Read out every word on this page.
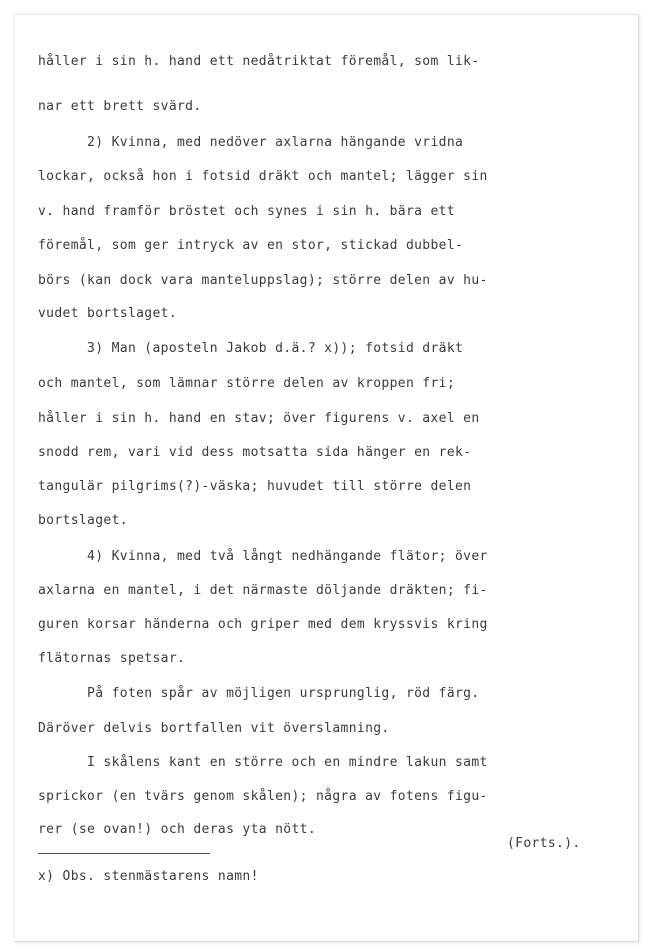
håller i sin h. hand ett nedåtriktat föremål, som lik-
nar ett brett svärd.
2) Kvinna, med nedöver axlarna hängande vridna
lockar, också hon i fotsid dräkt och mantel; lägger sin
v. hand framför bröstet och synes i sin h. bära ett
föremål, som ger intryck av en stor, stickad dubbel-
börs (kan dock vara manteluppslag); större delen av hu-
vudet bortslaget.
3) Man (aposteln Jakob d.ä.? x)); fotsid dräkt
och mantel, som lämnar större delen av kroppen fri;
håller i sin h. hand en stav; över figurens v. axel en
snodd rem, vari vid dess motsatta sida hänger en rek-
tangulär pilgrims(?)-väska; huvudet till större delen
bortslaget.
4) Kvinna, med två långt nedhängande flätor; över
axlarna en mantel, i det närmaste döljande dräkten; fi-
guren korsar händerna och griper med dem kryssvis kring
flätornas spetsar.
På foten spår av möjligen ursprunglig, röd färg.
Däröver delvis bortfallen vit överslamning.
I skålens kant en större och en mindre lakun samt
sprickor (en tvärs genom skålen); några av fotens figu-
rer (se ovan!) och deras yta nött.
(Forts.).
x) Obs. stenmästarens namn!
